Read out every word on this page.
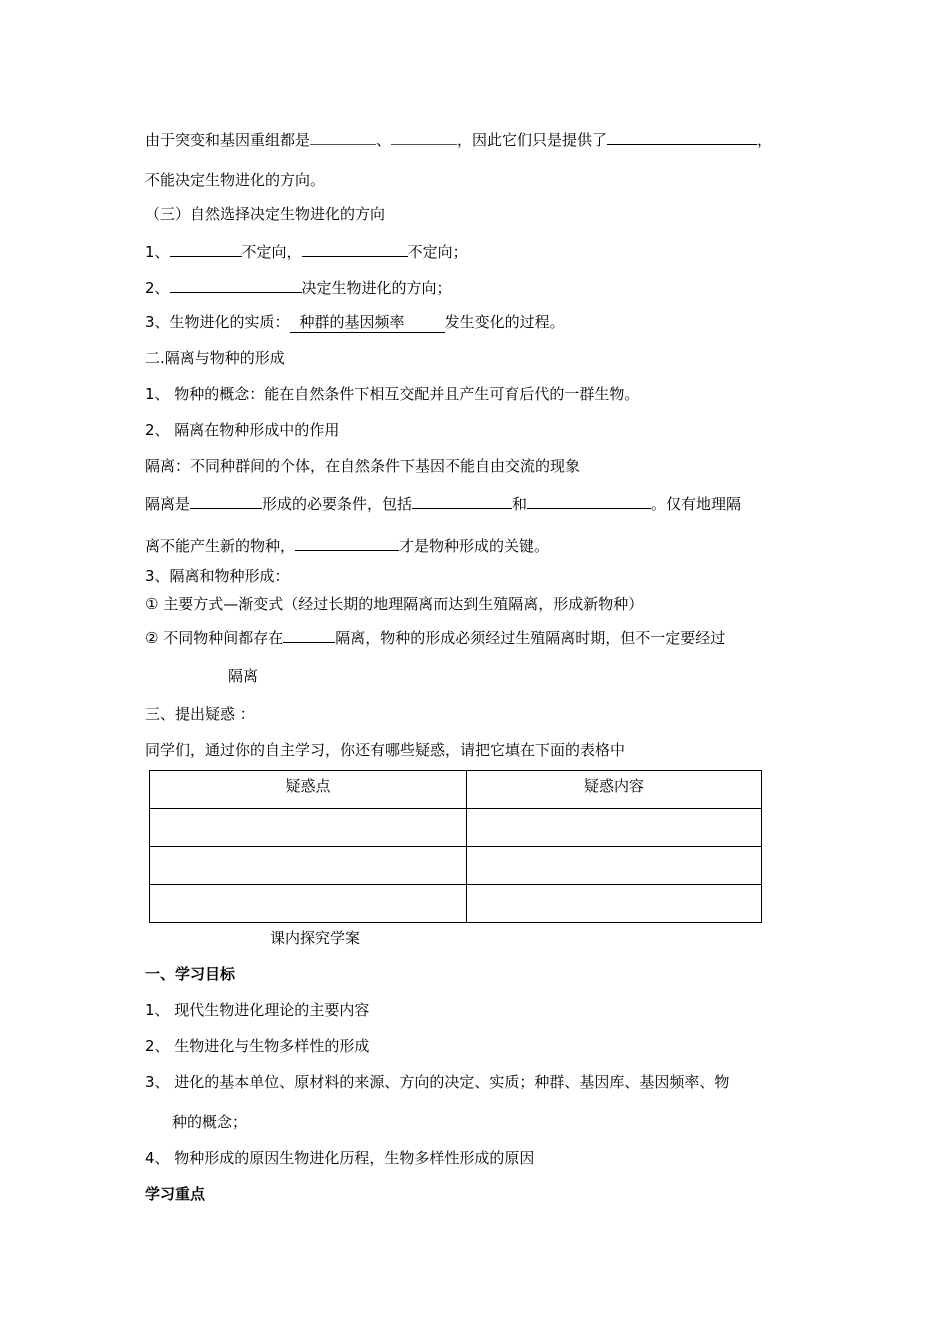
由于突变和基因重组都是	、	，因此它们只是提供了	，
不能决定生物进化的方向。
（三）自然选择决定生物进化的方向
1、	不定向，	不定向；
2、	决定生物进化的方向；
3、生物进化的实质： 种群的基因频率	发生变化的过程。
二.隔离与物种的形成
1、 物种的概念：能在自然条件下相互交配并且产生可育后代的一群生物。
2、 隔离在物种形成中的作用
隔离：不同种群间的个体，在自然条件下基因不能自由交流的现象
隔离是	形成的必要条件，包括	和	。仅有地理隔
离不能产生新的物种，	才是物种形成的关键。
3、隔离和物种形成：
① 主要方式—渐变式（经过长期的地理隔离而达到生殖隔离，形成新物种）
② 不同物种间都存在	隔离，物种的形成必须经过生殖隔离时期，但不一定要经过
隔离
三、提出疑惑 ：
同学们，通过你的自主学习，你还有哪些疑惑，请把它填在下面的表格中
疑惑点	疑惑内容

课内探究学案
一、学习目标
1、 现代生物进化理论的主要内容
2、 生物进化与生物多样性的形成
3、 进化的基本单位、原材料的来源、方向的决定、实质；种群、基因库、基因频率、物
种的概念；
4、 物种形成的原因生物进化历程，生物多样性形成的原因
学习重点
